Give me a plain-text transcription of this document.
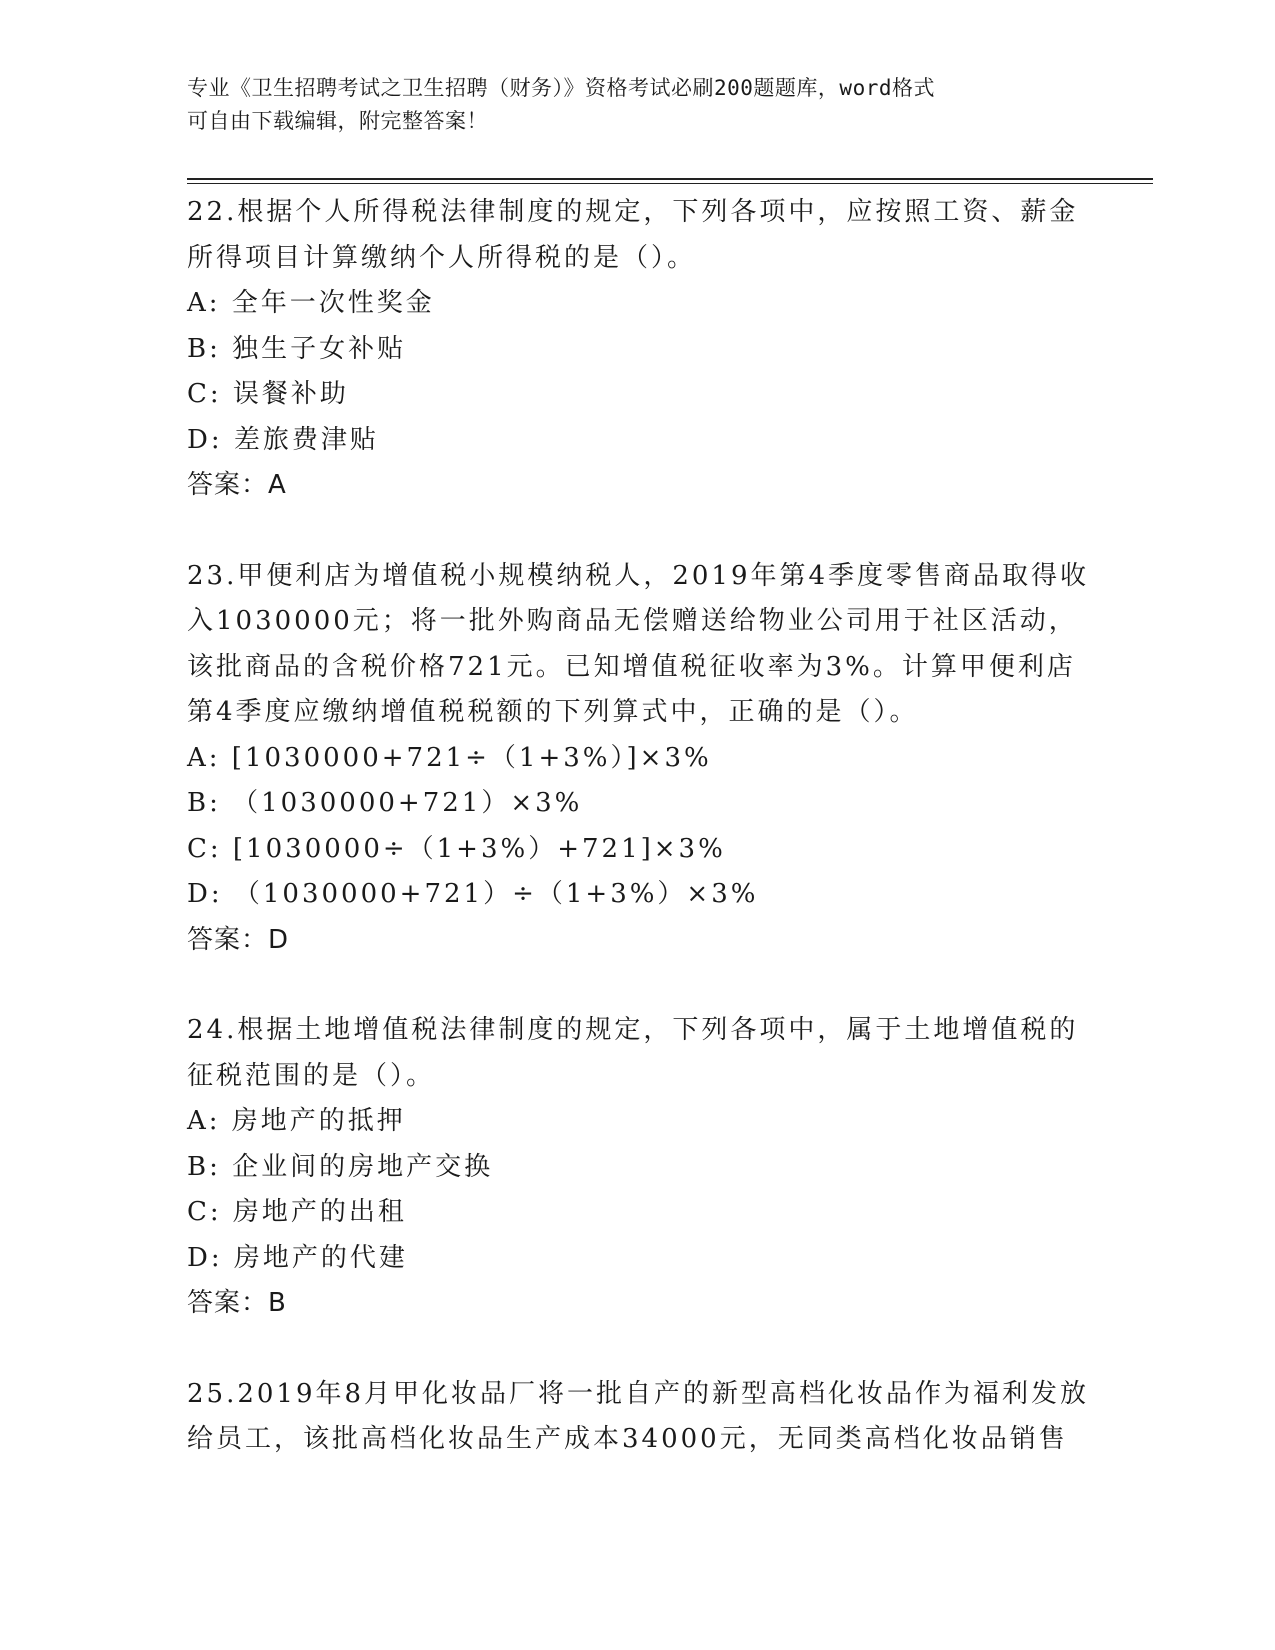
专业《卫生招聘考试之卫生招聘（财务）》资格考试必刷200题题库，word格式
可自由下载编辑，附完整答案！
22.根据个人所得税法律制度的规定，下列各项中，应按照工资、薪金
所得项目计算缴纳个人所得税的是（）。
A: 全年一次性奖金
B: 独生子女补贴
C: 误餐补助
D: 差旅费津贴
答案：A
23.甲便利店为增值税小规模纳税人，2019年第4季度零售商品取得收
入1030000元；将一批外购商品无偿赠送给物业公司用于社区活动，
该批商品的含税价格721元。已知增值税征收率为3%。计算甲便利店
第4季度应缴纳增值税税额的下列算式中，正确的是（）。
A: [1030000+721÷（1+3%）]×3%
B: （1030000+721）×3%
C: [1030000÷（1+3%）+721]×3%
D: （1030000+721）÷（1+3%）×3%
答案：D
24.根据土地增值税法律制度的规定，下列各项中，属于土地增值税的
征税范围的是（）。
A: 房地产的抵押
B: 企业间的房地产交换
C: 房地产的出租
D: 房地产的代建
答案：B
25.2019年8月甲化妆品厂将一批自产的新型高档化妆品作为福利发放
给员工，该批高档化妆品生产成本34000元，无同类高档化妆品销售
